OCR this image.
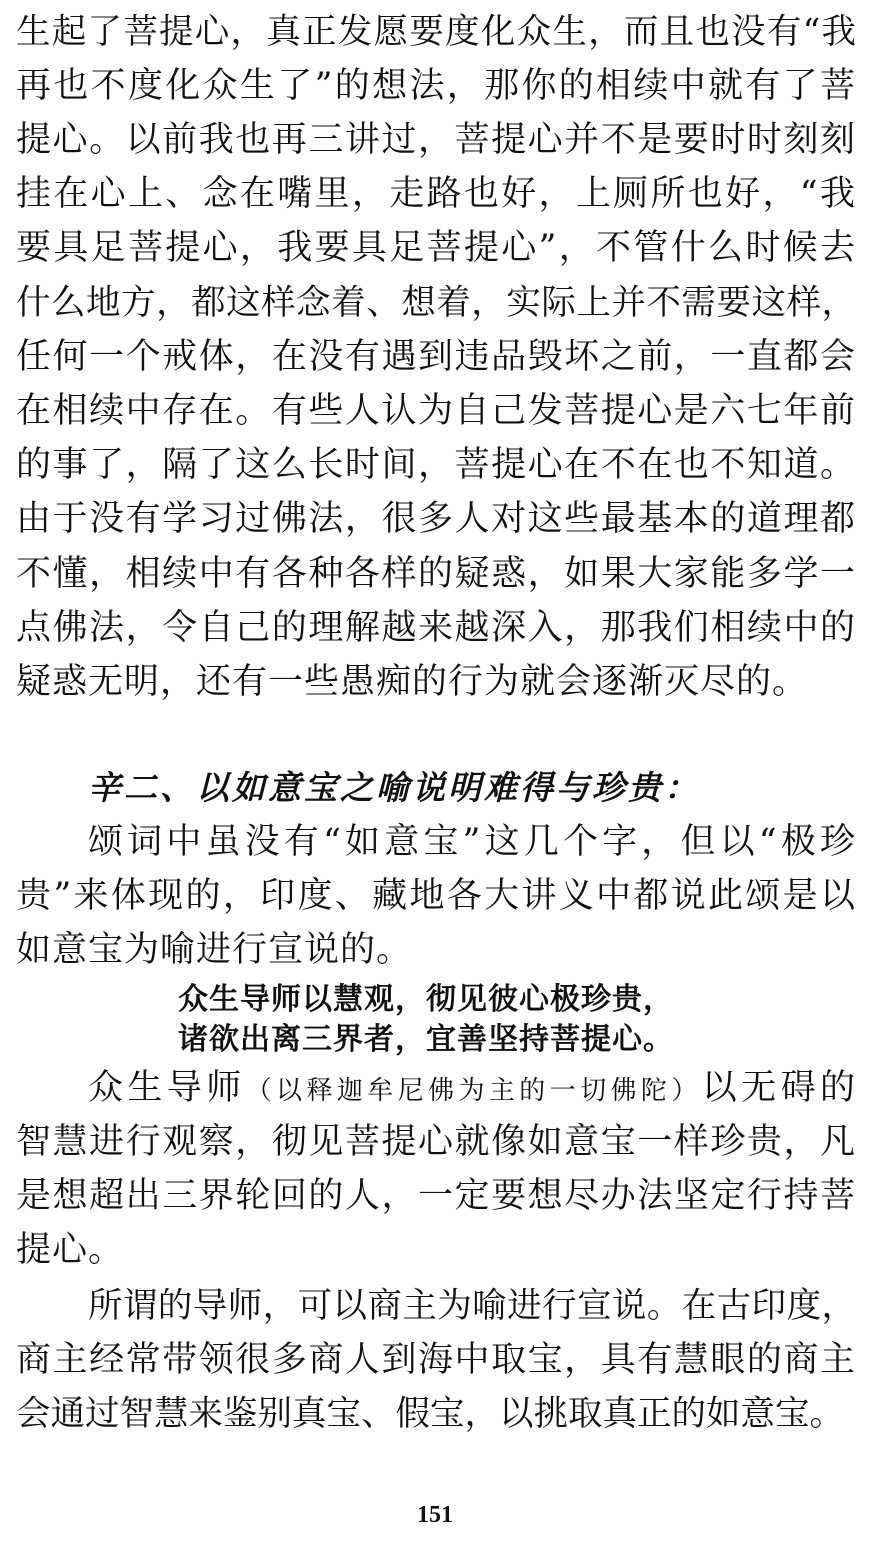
生起了菩提心，真正发愿要度化众生，而且也没有“我
再也不度化众生了”的想法，那你的相续中就有了菩
提心。以前我也再三讲过，菩提心并不是要时时刻刻
挂在心上、念在嘴里，走路也好，上厕所也好，“我
要具足菩提心，我要具足菩提心”，不管什么时候去
什么地方，都这样念着、想着，实际上并不需要这样，
任何一个戒体，在没有遇到违品毁坏之前，一直都会
在相续中存在。有些人认为自己发菩提心是六七年前
的事了，隔了这么长时间，菩提心在不在也不知道。
由于没有学习过佛法，很多人对这些最基本的道理都
不懂，相续中有各种各样的疑惑，如果大家能多学一
点佛法，令自己的理解越来越深入，那我们相续中的
疑惑无明，还有一些愚痴的行为就会逐渐灭尽的。
辛二、以如意宝之喻说明难得与珍贵：
颂词中虽没有“如意宝”这几个字，但以“极珍
贵”来体现的，印度、藏地各大讲义中都说此颂是以
如意宝为喻进行宣说的。
众生导师以慧观，彻见彼心极珍贵，
诸欲出离三界者，宜善坚持菩提心。
众生导师（以释迦牟尼佛为主的一切佛陀）以无碍的
智慧进行观察，彻见菩提心就像如意宝一样珍贵，凡
是想超出三界轮回的人，一定要想尽办法坚定行持菩
提心。
所谓的导师，可以商主为喻进行宣说。在古印度，
商主经常带领很多商人到海中取宝，具有慧眼的商主
会通过智慧来鉴别真宝、假宝，以挑取真正的如意宝。
151
